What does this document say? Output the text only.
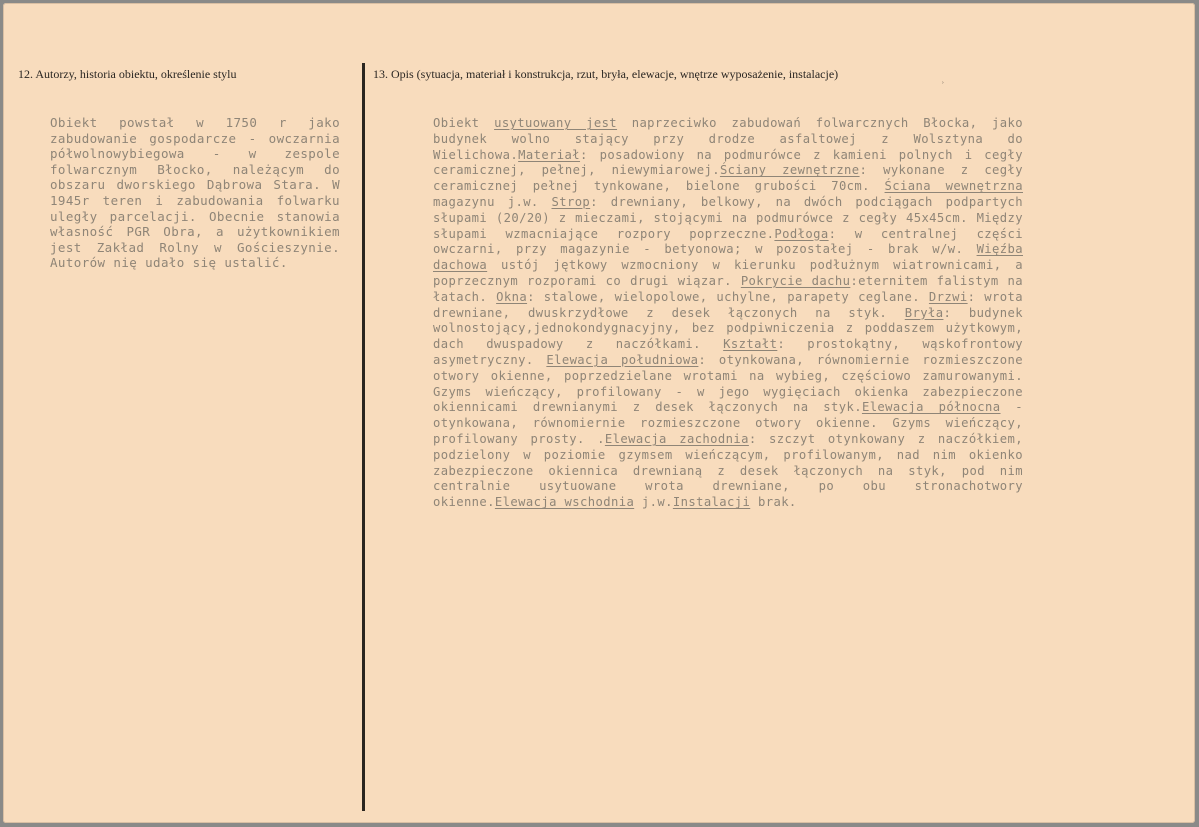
12. Autorzy, historia obiektu, określenie stylu	13. Opis (sytuacja, materiał i konstrukcja, rzut, bryła, elewacje, wnętrze wyposażenie, instalacje)
ʾ
Obiekt powstał w 1750 r jako zabudowanie gospodarcze - owczarnia półwolnowybiegowa - w zespole folwarcznym Błocko, należącym do obszaru dworskiego Dąbrowa Stara. W 1945r teren i zabudowania folwarku uległy parcelacji. Obecnie stanowia własność PGR Obra, a użytkownikiem jest Zakład Rolny w Gościeszynie. Autorów nię udało się ustalić.
Obiekt usytuowany jest naprzeciwko zabudowań folwarcznych Błocka, jako budynek wolno stający przy drodze asfaltowej z Wolsztyna do Wielichowa.Materiał: posadowiony na podmurówce z kamieni polnych i cegły ceramicznej, pełnej, niewymiarowej.Ściany zewnętrzne: wykonane z cegły ceramicznej pełnej tynkowane, bielone grubości 70cm. Ściana wewnętrzna magazynu j.w. Strop: drewniany, belkowy, na dwóch podciągach podpartych słupami (20/20) z mieczami, stojącymi na podmurówce z cegły 45x45cm. Między słupami wzmacniające rozpory poprzeczne.Podłoga: w centralnej części owczarni, przy magazynie - betyonowa; w pozostałej - brak w/w. Więźba dachowa ustój jętkowy wzmocniony w kierunku podłużnym wiatrownicami, a poprzecznym rozporami co drugi wiązar. Pokrycie dachu:eternitem falistym na łatach. Okna: stalowe, wielopolowe, uchylne, parapety ceglane. Drzwi: wrota drewniane, dwuskrzydłowe z desek łączonych na styk. Bryła: budynek wolnostojący,jednokondygnacyjny, bez podpiwniczenia z poddaszem użytkowym, dach dwuspadowy z naczółkami. Kształt: prostokątny, wąskofrontowy asymetryczny. Elewacja południowa: otynkowana, równomiernie rozmieszczone otwory okienne, poprzedzielane wrotami na wybieg, częściowo zamurowanymi. Gzyms wieńczący, profilowany - w jego wygięciach okienka zabezpieczone okiennicami drewnianymi z desek łączonych na styk.Elewacja północna - otynkowana, równomiernie rozmieszczone otwory okienne. Gzyms wieńczący, profilowany prosty. .Elewacja zachodnia: szczyt otynkowany z naczółkiem, podzielony w poziomie gzymsem wieńczącym, profilowanym, nad nim okienko zabezpieczone okiennica drewnianą z desek łączonych na styk, pod nim centralnie usytuowane wrota drewniane, po obu stronachotwory okienne.Elewacja wschodnia j.w.Instalacji brak.
